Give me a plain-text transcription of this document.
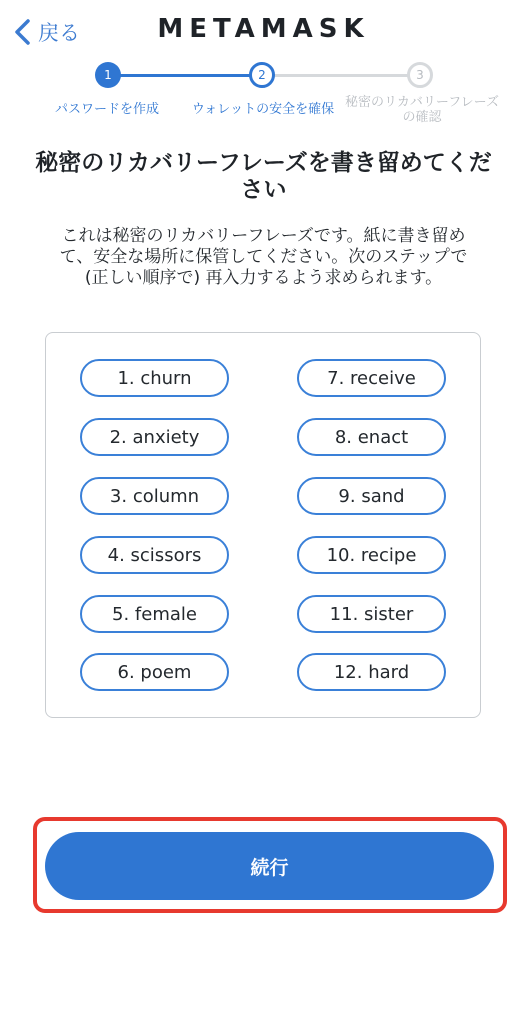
戻る	METAMASK
1	2	3
パスワードを作成	ウォレットの安全を確保 秘密のリカバリーフレーズの確認
秘密のリカバリーフレーズを書き留めてください
これは秘密のリカバリーフレーズです。紙に書き留めて、安全な場所に保管してください。次のステップで (正しい順序で) 再入力するよう求められます。
1. churn
2. anxiety
3. column
4. scissors
5. female
6. poem
7. receive
8. enact
9. sand
10. recipe
11. sister
12. hard
続行
